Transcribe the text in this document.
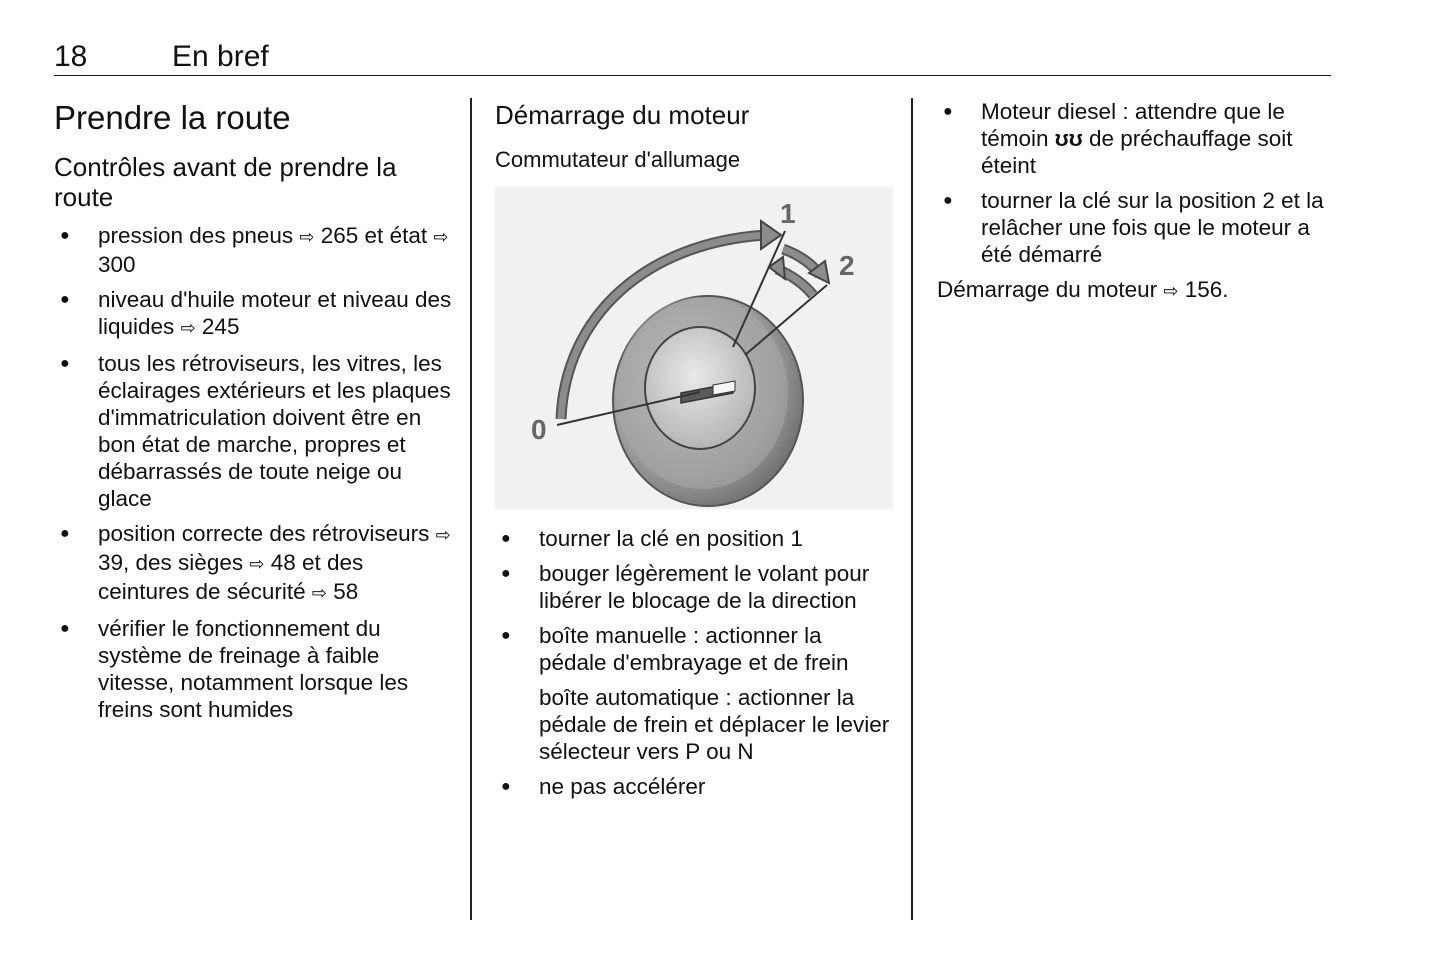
18	En bref
Prendre la route
Contrôles avant de prendre la route
● pression des pneus ⇨ 265 et état ⇨ 300
● niveau d'huile moteur et niveau des liquides ⇨ 245
● tous les rétroviseurs, les vitres, les éclairages extérieurs et les plaques d'immatriculation doivent être en bon état de marche, propres et débarrassés de toute neige ou glace
● position correcte des rétroviseurs ⇨ 39, des sièges ⇨ 48 et des ceintures de sécurité ⇨ 58
● vérifier le fonctionnement du système de freinage à faible vitesse, notamment lorsque les freins sont humides
Démarrage du moteur
Commutateur d'allumage
0
1
2
● tourner la clé en position 1
● bouger légèrement le volant pour libérer le blocage de la direction
● boîte manuelle : actionner la pédale d'embrayage et de frein
boîte automatique : actionner la pédale de frein et déplacer le levier sélecteur vers P ou N
● ne pas accélérer
● Moteur diesel : attendre que le témoin ʊʊ de préchauffage soit éteint
● tourner la clé sur la position 2 et la relâcher une fois que le moteur a été démarré
Démarrage du moteur ⇨ 156.
